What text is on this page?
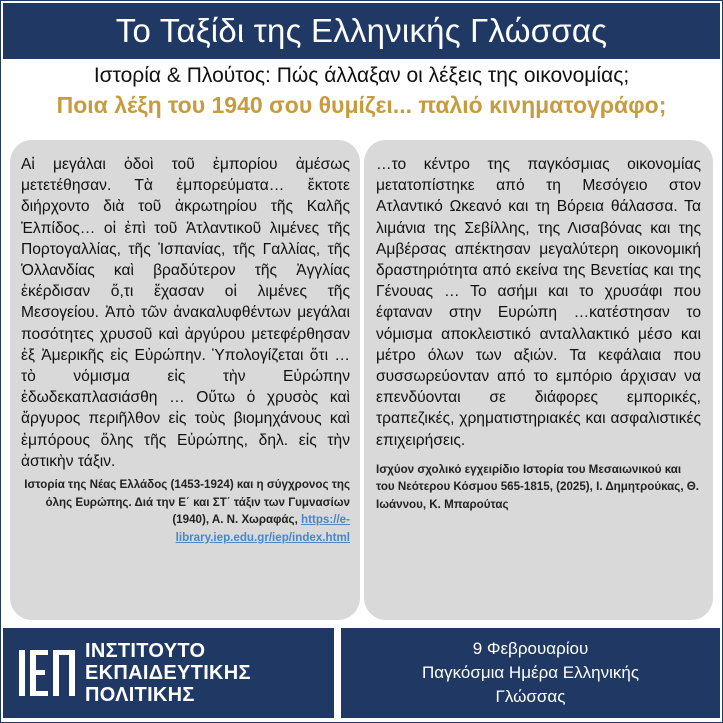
Το Ταξίδι της Ελληνικής Γλώσσας
Ιστορία & Πλούτος: Πώς άλλαξαν οι λέξεις της οικονομίας;
Ποια λέξη του 1940 σου θυμίζει... παλιό κινηματογράφο;
Αἱ μεγάλαι ὁδοὶ τοῦ ἐμπορίου ἀμέσως μετετέθησαν. Τὰ ἐμπορεύματα… ἔκτοτε διήρχοντο διὰ τοῦ ἀκρωτηρίου τῆς Καλῆς Ἐλπίδος… οἱ ἐπὶ τοῦ Ἀτλαντικοῦ λιμένες τῆς Πορτογαλλίας, τῆς Ἱσπανίας, τῆς Γαλλίας, τῆς Ὁλλανδίας καὶ βραδύτερον τῆς Ἀγγλίας ἐκέρδισαν ὅ,τι ἔχασαν οἱ λιμένες τῆς Μεσογείου. Ἀπὸ τῶν ἀνακαλυφθέντων μεγάλαι ποσότητες χρυσοῦ καὶ ἀργύρου μετεφέρθησαν ἐξ Ἀμερικῆς εἰς Εὐρώπην. Ὑπολογίζεται ὅτι …τὸ νόμισμα εἰς τὴν Εὐρώπην ἐδωδεκαπλασιάσθη … Οὕτω ὁ χρυσὸς καὶ ἄργυρος περιῆλθον εἰς τοὺς βιομηχάνους καὶ ἐμπόρους ὅλης τῆς Εὐρώπης, δηλ. εἰς τὴν ἀστικὴν τάξιν.
Ιστορία της Νέας Ελλάδος (1453-1924) και η σύγχρονος της όλης Ευρώπης. Διά την Ε΄ και ΣΤ΄ τάξιν των Γυμνασίων (1940), Α. Ν. Χωραφάς, https://e-library.iep.edu.gr/iep/index.html
…το κέντρο της παγκόσμιας οικονομίας μετατοπίστηκε από τη Μεσόγειο στον Ατλαντικό Ωκεανό και τη Βόρεια θάλασσα. Τα λιμάνια της Σεβίλλης, της Λισαβόνας και της Αμβέρσας απέκτησαν μεγαλύτερη οικονομική δραστηριότητα από εκείνα της Βενετίας και της Γένουας … Το ασήμι και το χρυσάφι που έφταναν στην Ευρώπη …κατέστησαν το νόμισμα αποκλειστικό ανταλλακτικό μέσο και μέτρο όλων των αξιών. Τα κεφάλαια που συσσωρεύονταν από το εμπόριο άρχισαν να επενδύονται σε διάφορες εμπορικές, τραπεζικές, χρηματιστηριακές και ασφαλιστικές επιχειρήσεις.
Ισχύον σχολικό εγχειρίδιο Ιστορία του Μεσαιωνικού και του Νεότερου Κόσμου 565-1815, (2025), Ι. Δημητρούκας, Θ. Ιωάννου, Κ. Μπαρούτας
ΙΝΣΤΙΤΟΥΤΟ
ΕΚΠΑΙΔΕΥΤΙΚΗΣ
ΠΟΛΙΤΙΚΗΣ
9 Φεβρουαρίου
Παγκόσμια Ημέρα Ελληνικής
Γλώσσας
